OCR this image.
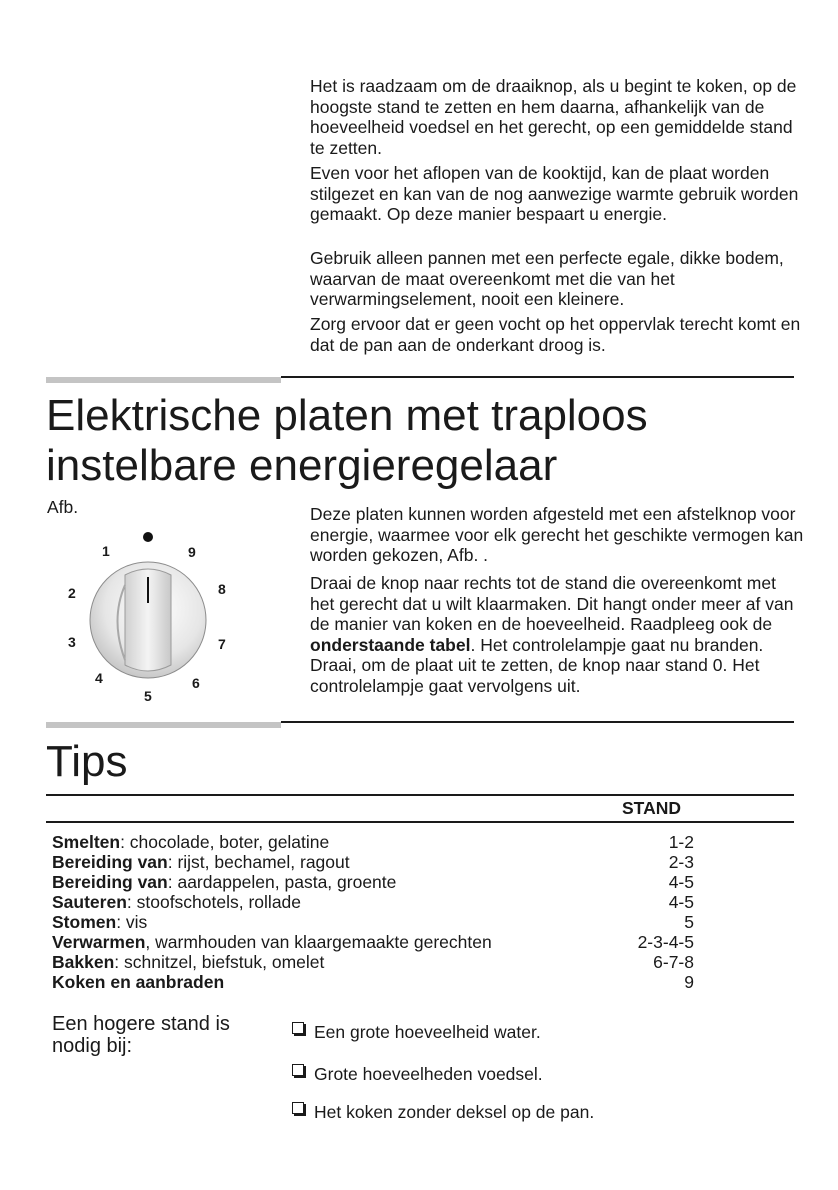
Het is raadzaam om de draaiknop, als u begint te koken, op de hoogste stand te zetten en hem daarna, afhankelijk van de hoeveelheid voedsel en het gerecht, op een gemiddelde stand te zetten.

Even voor het aflopen van de kooktijd, kan de plaat worden stilgezet en kan van de nog aanwezige warmte gebruik worden gemaakt. Op deze manier bespaart u energie.

Gebruik alleen pannen met een perfecte egale, dikke bodem, waarvan de maat overeenkomt met die van het verwarmingselement, nooit een kleinere.

Zorg ervoor dat er geen vocht op het oppervlak terecht komt en dat de pan aan de onderkant droog is.

Elektrische platen met traploos
instelbare energieregelaar
Afb.
1	9
2	8
3	7
4	6
5

Deze platen kunnen worden afgesteld met een afstelknop voor energie, waarmee voor elk gerecht het geschikte vermogen kan worden gekozen, Afb. .

Draai de knop naar rechts tot de stand die overeenkomt met het gerecht dat u wilt klaarmaken. Dit hangt onder meer af van de manier van koken en de hoeveelheid. Raadpleeg ook de onderstaande tabel. Het controlelampje gaat nu branden. Draai, om de plaat uit te zetten, de knop naar stand 0. Het controlelampje gaat vervolgens uit.

Tips
STAND
Smelten: chocolade, boter, gelatine	1-2
Bereiding van: rijst, bechamel, ragout	2-3
Bereiding van: aardappelen, pasta, groente	4-5
Sauteren: stoofschotels, rollade	4-5
Stomen: vis	5
Verwarmen, warmhouden van klaargemaakte gerechten	2-3-4-5
Bakken: schnitzel, biefstuk, omelet	6-7-8
Koken en aanbraden	9
Een hogere stand is nodig bij:
Een grote hoeveelheid water.
Grote hoeveelheden voedsel.
Het koken zonder deksel op de pan.
